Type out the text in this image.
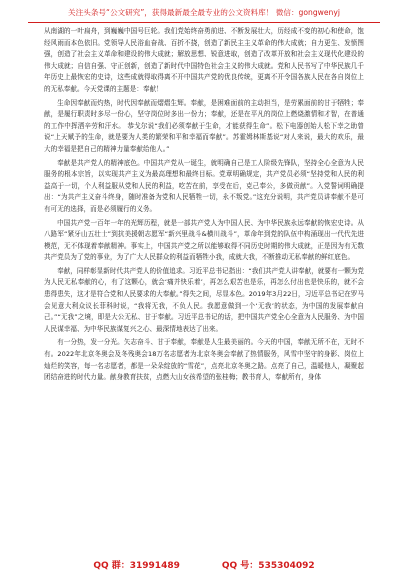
关注头条号“公文研究”，获得最新最全最专业的公文资料库！ 微信：gongwenyj

从南湖的一叶扁舟，到巍巍中国号巨轮。我们党始终奋勇前进、不断发展壮大，历经成不变的初心和使命，饱经风雨而本色依旧。党领导人民浴血奋战、百折不挠，创造了新民主主义革命的伟大成就；自力更生、发愤图强，创造了社会主义革命和建设的伟大成就；解放思想、锐意进取，创造了改革开放和社会主义现代化建设的伟大成就；自信自强、守正创新，创造了新时代中国特色社会主义的伟大成就。党和人民书写了中华民族几千年历史上最恢宏的史诗，这些成就得取得离不开中国共产党的优良传统，更离不开令国各族人民在各自岗位上的无私奉献。今天党课的主题是：奉献！

生命因奉献而灼热，时代因奉献而熠熠生辉。奉献，是困难面前的主动担当，是劳累面前的甘于牺牲；奉献，是履行职责时多尽一份心，坚守岗位时多出一份力；奉献，还是在平凡的岗位上燃烧激情和才智，在普通的工作中挥洒辛劳和汗水。 恭戈尔说“我们必须奉献于生命，才能获得生命”。松下电器创始人松下幸之助曾说“上天赋予的生命，就是要为人类的繁荣和平和幸福而奉献”。苏霍姆林斯基说“对人来说，最大的欢乐，最大的幸福是把自己的精神力量奉献给他人。”

奉献是共产党人的精神底色。中国共产党从一诞生，就明确自己是工人阶级先锋队，坚持全心全意为人民服务的根本宗旨，以实现共产主义为最高理想和最终目标。党章明确规定，共产党员必须“坚持党和人民的利益高于一切，个人利益服从党和人民的利益，吃苦在前，享受在后，克己奉公，多做贡献”。入党誓词明确提出：“为共产主义奋斗终身，随时准备为党和人民牺牲一切，永不叛党。”这充分说明，共产党员讲奉献不是可有可无的选择，而是必须履行的义务。

中国共产党一百年一年的光辉历程，就是一部共产党人为中国人民、为中华民族永远奉献的恢宏史诗。从八路军“紧牙山五壮士”到抗美援朝志愿军“新兴里战斗&横川战斗”，革命年到党的队伍中构涌现出一代代先进模范，无不体现着奉献精神。事实上，中国共产党之所以能够取得不同历史时期的伟大成就，正是因为有无数共产党员为了党的事业，为了广大人民群众的利益而牺牲小我，成就大我，不断推动无私奉献的鲜红底色。

奉献，同样彰显新时代共产党人的价值追求。习近平总书记指出：“我们共产党人讲奉献，就要有一颗为党为人民无私奉献的心，有了这颗心，就会‘痛并快乐着’，再怎么艰苦也是乐，再怎么付出也是快乐的，就不会患得患失，这才是符合党和人民要求的大奉献。”得失之间，尽显本色。2019年3月22日，习近平总书记在罗马会见意大利众议长菲科时说，“我将无我，不负人民。我愿意做到一个‘无我’的状态，为中国的发展奉献自己。”“无我”之境，即是大公无私、甘于奉献。习近平总书记的话，把中国共产党全心全意为人民服务、为中国人民谋幸福、为中华民族谋复兴之心、最深情地表达了出来。

有一分热，发一分光。矢志奋斗、甘于奉献，奉献是人生最美丽的。今天的中国，奉献无所不在，无时不有。2022年北京冬奥会及冬残奥会18万名志愿者为北京冬奥会奉献了热情服务，风雪中坚守的身影、岗位上灿烂的笑容，每一名志愿者，都是一朵朵绽放的“雪花”，点亮北京冬奥之路。点亮了自己，温暖他人，凝聚起团结奋进的时代力量。献身教育扶贫，点燃大山女孩希望的张桂梅；教书育人，奉献所有，身体

QQ 群：31991489	QQ 号：535304092
